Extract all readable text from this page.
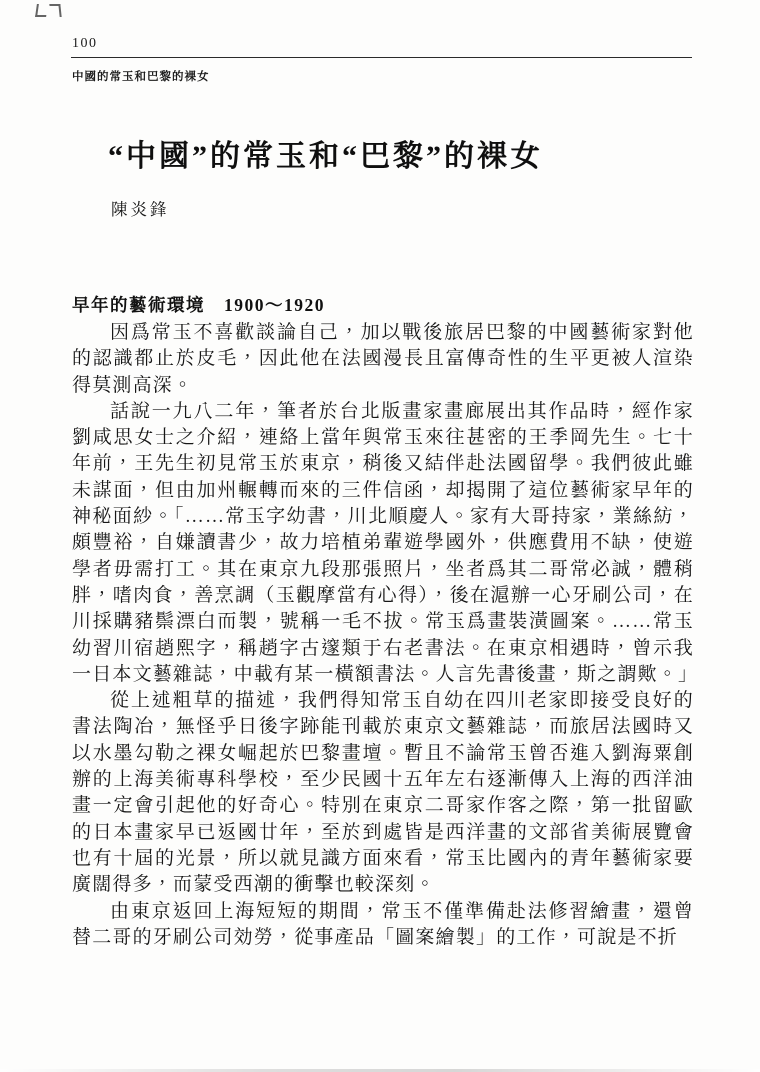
100
中國的常玉和巴黎的裸女
“中國”的常玉和“巴黎”的裸女
陳炎鋒
早年的藝術環境　1900～1920

因爲常玉不喜歡談論自己，加以戰後旅居巴黎的中國藝術家對他的認識都止於皮毛，因此他在法國漫長且富傳奇性的生平更被人渲染得莫測高深。

話說一九八二年，筆者於台北版畫家畫廊展出其作品時，經作家劉咸思女士之介紹，連絡上當年與常玉來往甚密的王季岡先生。七十年前，王先生初見常玉於東京，稍後又結伴赴法國留學。我們彼此雖未謀面，但由加州輾轉而來的三件信函，却揭開了這位藝術家早年的神秘面紗。「……常玉字幼書，川北順慶人。家有大哥持家，業絲紡，頗豐裕，自嫌讀書少，故力培植弟輩遊學國外，供應費用不缺，使遊學者毋需打工。其在東京九段那張照片，坐者爲其二哥常必誠，體稍胖，嗜肉食，善烹調（玉觀摩當有心得），後在滬辦一心牙刷公司，在川採購豬鬃漂白而製，號稱一毛不拔。常玉爲畫裝潢圖案。……常玉幼習川宿趙熙字，稱趙字古邃類于右老書法。在東京相遇時，曾示我一日本文藝雜誌，中載有某一橫額書法。人言先書後畫，斯之謂歟。」

從上述粗草的描述，我們得知常玉自幼在四川老家即接受良好的書法陶冶，無怪乎日後字跡能刊載於東京文藝雜誌，而旅居法國時又以水墨勾勒之裸女崛起於巴黎畫壇。暫且不論常玉曾否進入劉海粟創辦的上海美術專科學校，至少民國十五年左右逐漸傳入上海的西洋油畫一定會引起他的好奇心。特別在東京二哥家作客之際，第一批留歐的日本畫家早已返國廿年，至於到處皆是西洋畫的文部省美術展覽會也有十屆的光景，所以就見識方面來看，常玉比國內的青年藝術家要廣闊得多，而蒙受西潮的衝擊也較深刻。

由東京返回上海短短的期間，常玉不僅準備赴法修習繪畫，還曾替二哥的牙刷公司効勞，從事產品「圖案繪製」的工作，可說是不折
